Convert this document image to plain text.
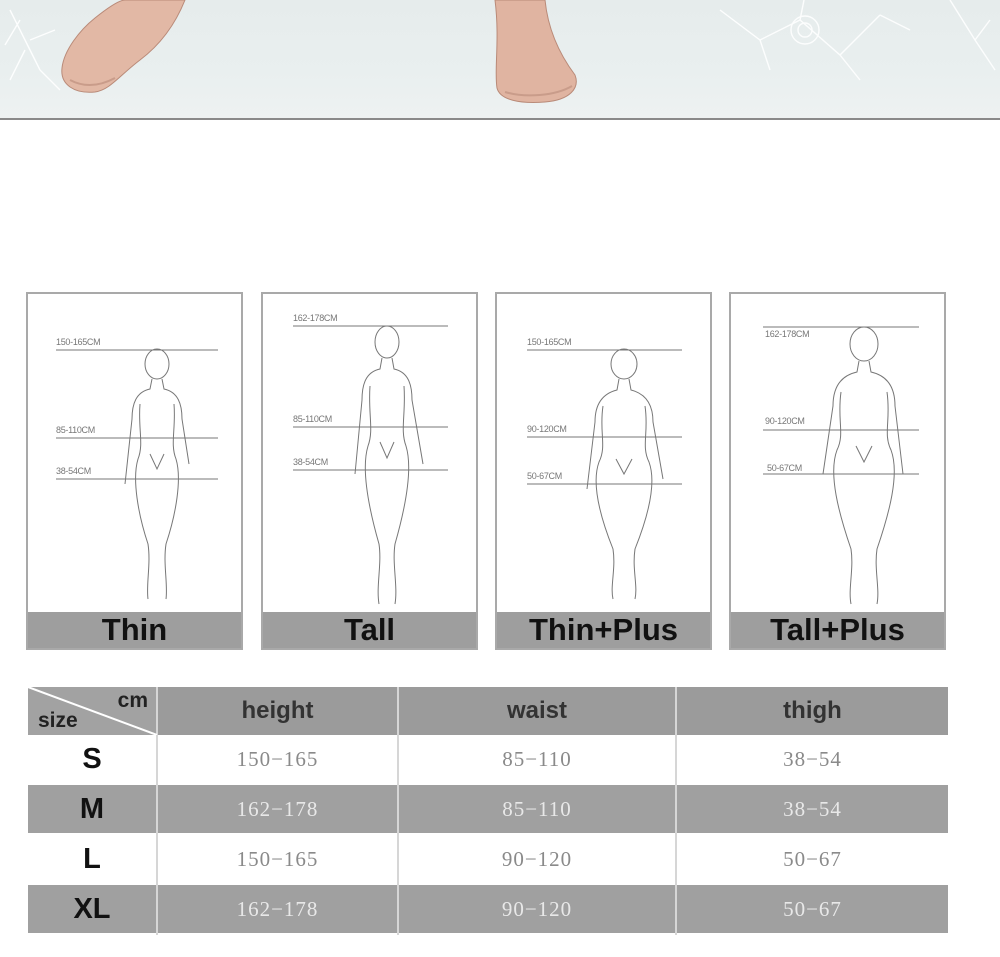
150-165CM
85-110CM
38-54CM
Thin
162-178CM
85-110CM
38-54CM
Tall
150-165CM
90-120CM
50-67CM
Thin+Plus
162-178CM
90-120CM
50-67CM
Tall+Plus
cm
size	height	waist	thigh
S	150−165	85−110	38−54
M	162−178	85−110	38−54
L	150−165	90−120	50−67
XL	162−178	90−120	50−67
